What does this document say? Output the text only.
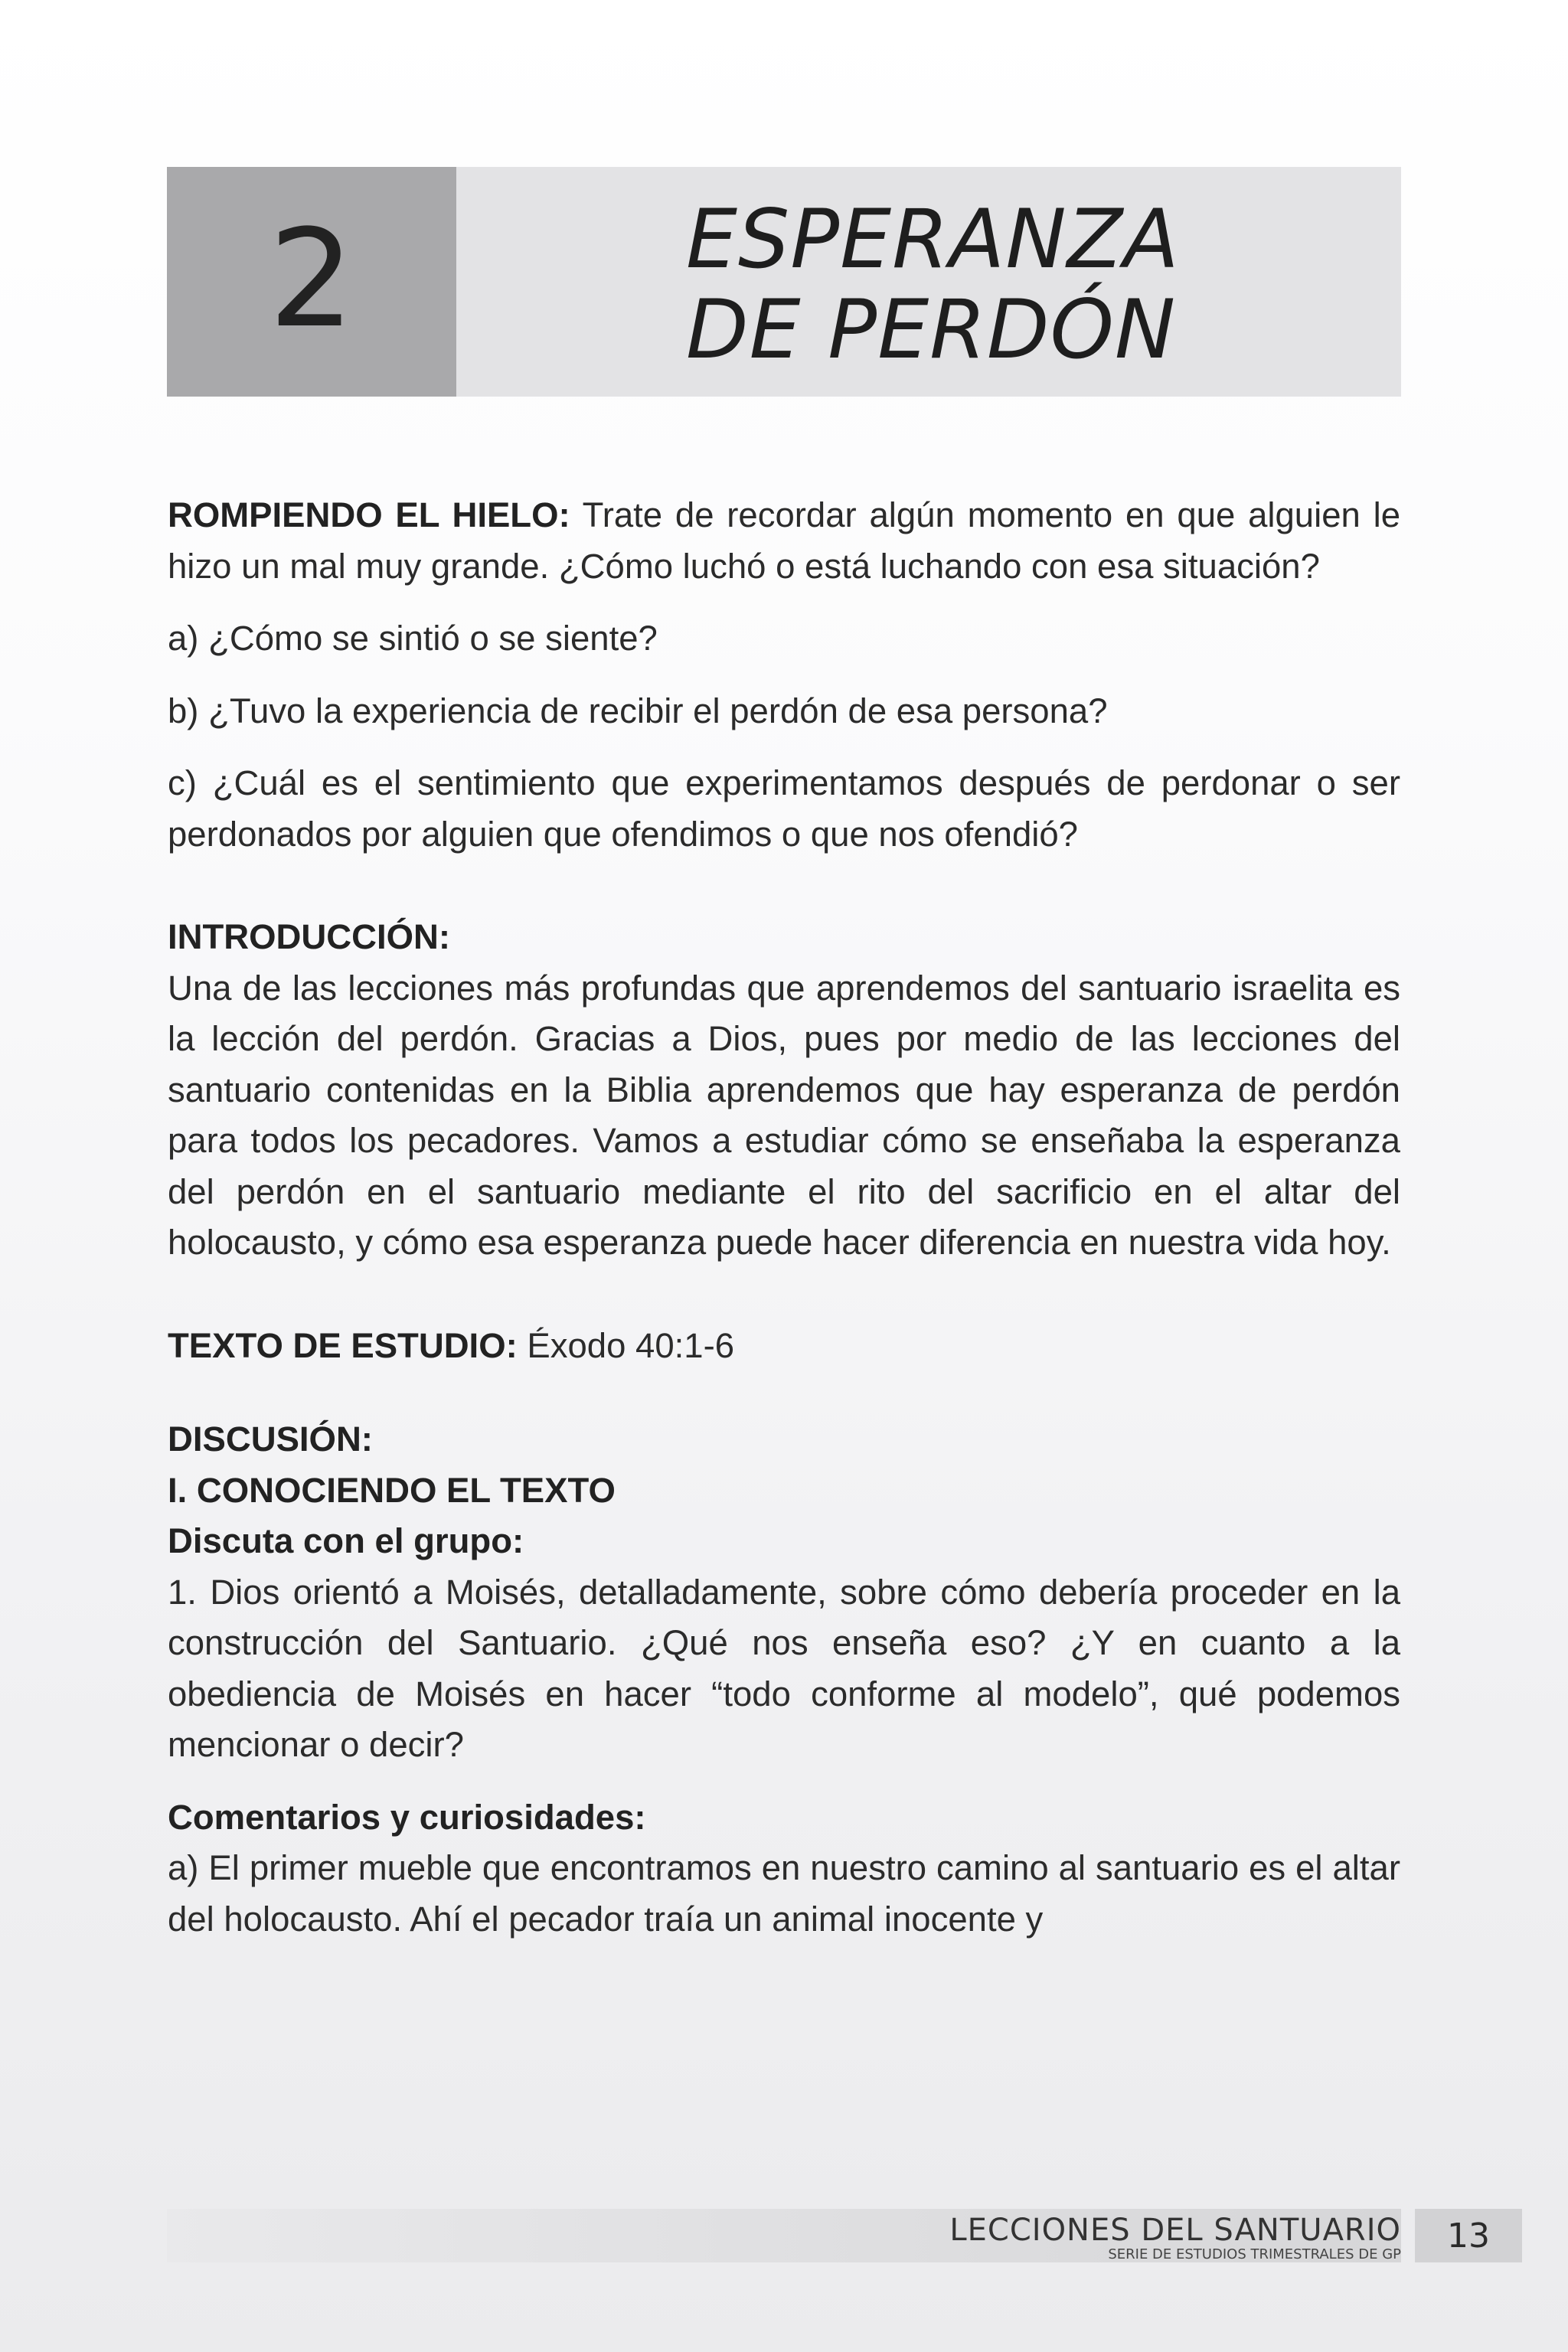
2	ESPERANZA
DE PERDÓN

ROMPIENDO EL HIELO: Trate de recordar algún momento en que alguien le hizo un mal muy grande. ¿Cómo luchó o está luchando con esa situación?

a) ¿Cómo se sintió o se siente?

b) ¿Tuvo la experiencia de recibir el perdón de esa persona?

c) ¿Cuál es el sentimiento que experimentamos después de perdonar o ser perdonados por alguien que ofendimos o que nos ofendió?

INTRODUCCIÓN:

Una de las lecciones más profundas que aprendemos del santuario israelita es la lección del perdón. Gracias a Dios, pues por medio de las lecciones del santuario contenidas en la Biblia aprendemos que hay esperanza de perdón para todos los pecadores. Vamos a estudiar cómo se enseñaba la esperanza del perdón en el santuario mediante el rito del sacrificio en el altar del holocausto, y cómo esa esperanza puede hacer diferencia en nuestra vida hoy.

TEXTO DE ESTUDIO: Éxodo 40:1-6

DISCUSIÓN:

I. CONOCIENDO EL TEXTO

Discuta con el grupo:

1. Dios orientó a Moisés, detalladamente, sobre cómo debería proceder en la construcción del Santuario. ¿Qué nos enseña eso? ¿Y en cuanto a la obediencia de Moisés en hacer “todo conforme al modelo”, qué podemos mencionar o decir?

Comentarios y curiosidades:

a) El primer mueble que encontramos en nuestro camino al santuario es el altar del holocausto. Ahí el pecador traía un animal inocente y

LECCIONES DEL SANTUARIO
SERIE DE ESTUDIOS TRIMESTRALES DE GP 13
